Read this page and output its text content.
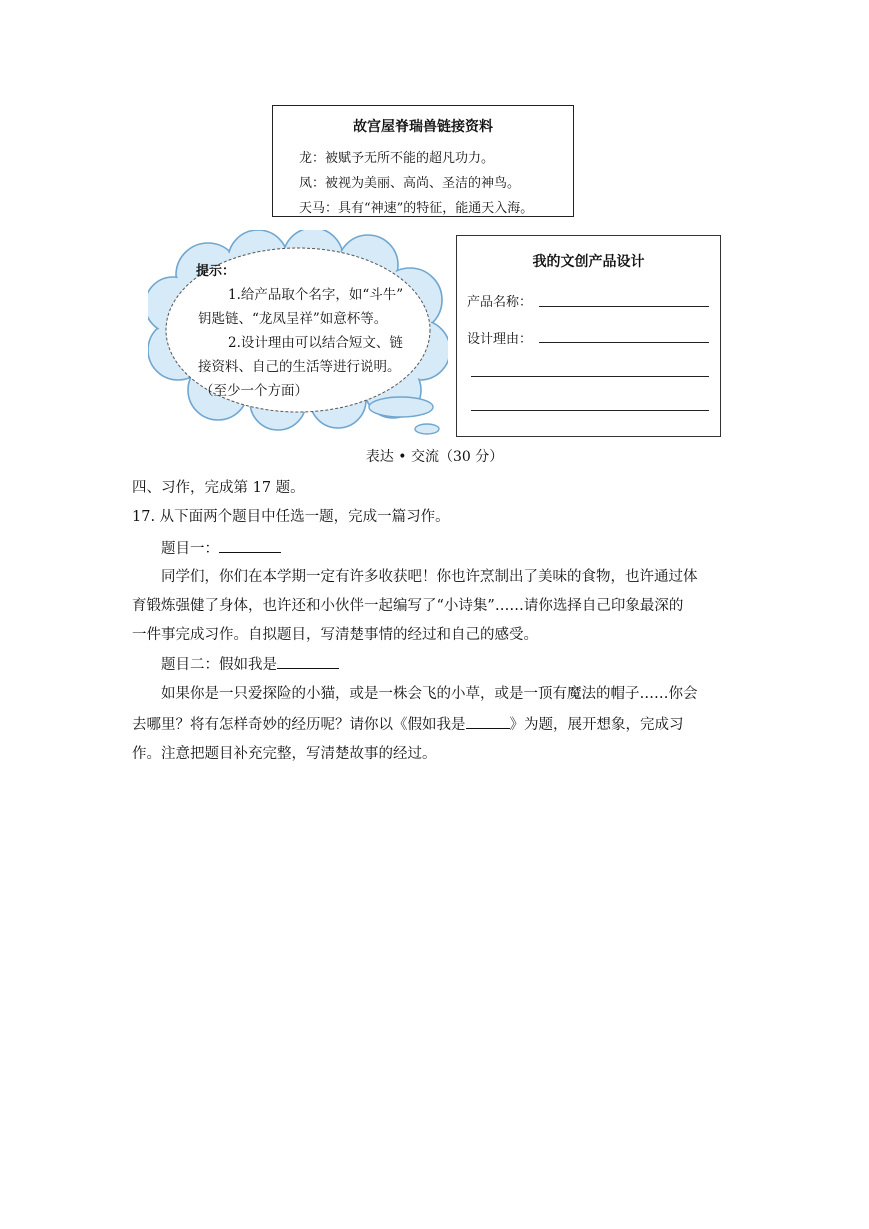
故宫屋脊瑞兽链接资料
龙：被赋予无所不能的超凡功力。
凤：被视为美丽、高尚、圣洁的神鸟。
天马：具有“神速”的特征，能通天入海。
提示：
1.给产品取个名字，如“斗牛”
钥匙链、“龙凤呈祥”如意杯等。
2.设计理由可以结合短文、链
接资料、自己的生活等进行说明。
（至少一个方面）
我的文创产品设计
产品名称：
设计理由：
表达 • 交流（30 分）
四、习作，完成第 17 题。
17. 从下面两个题目中任选一题，完成一篇习作。
题目一：
同学们，你们在本学期一定有许多收获吧！你也许烹制出了美味的食物，也许通过体
育锻炼强健了身体，也许还和小伙伴一起编写了“小诗集”……请你选择自己印象最深的
一件事完成习作。自拟题目，写清楚事情的经过和自己的感受。
题目二：假如我是
如果你是一只爱探险的小猫，或是一株会飞的小草，或是一顶有魔法的帽子……你会
去哪里？将有怎样奇妙的经历呢？请你以《假如我是	》为题，展开想象，完成习
作。注意把题目补充完整，写清楚故事的经过。
